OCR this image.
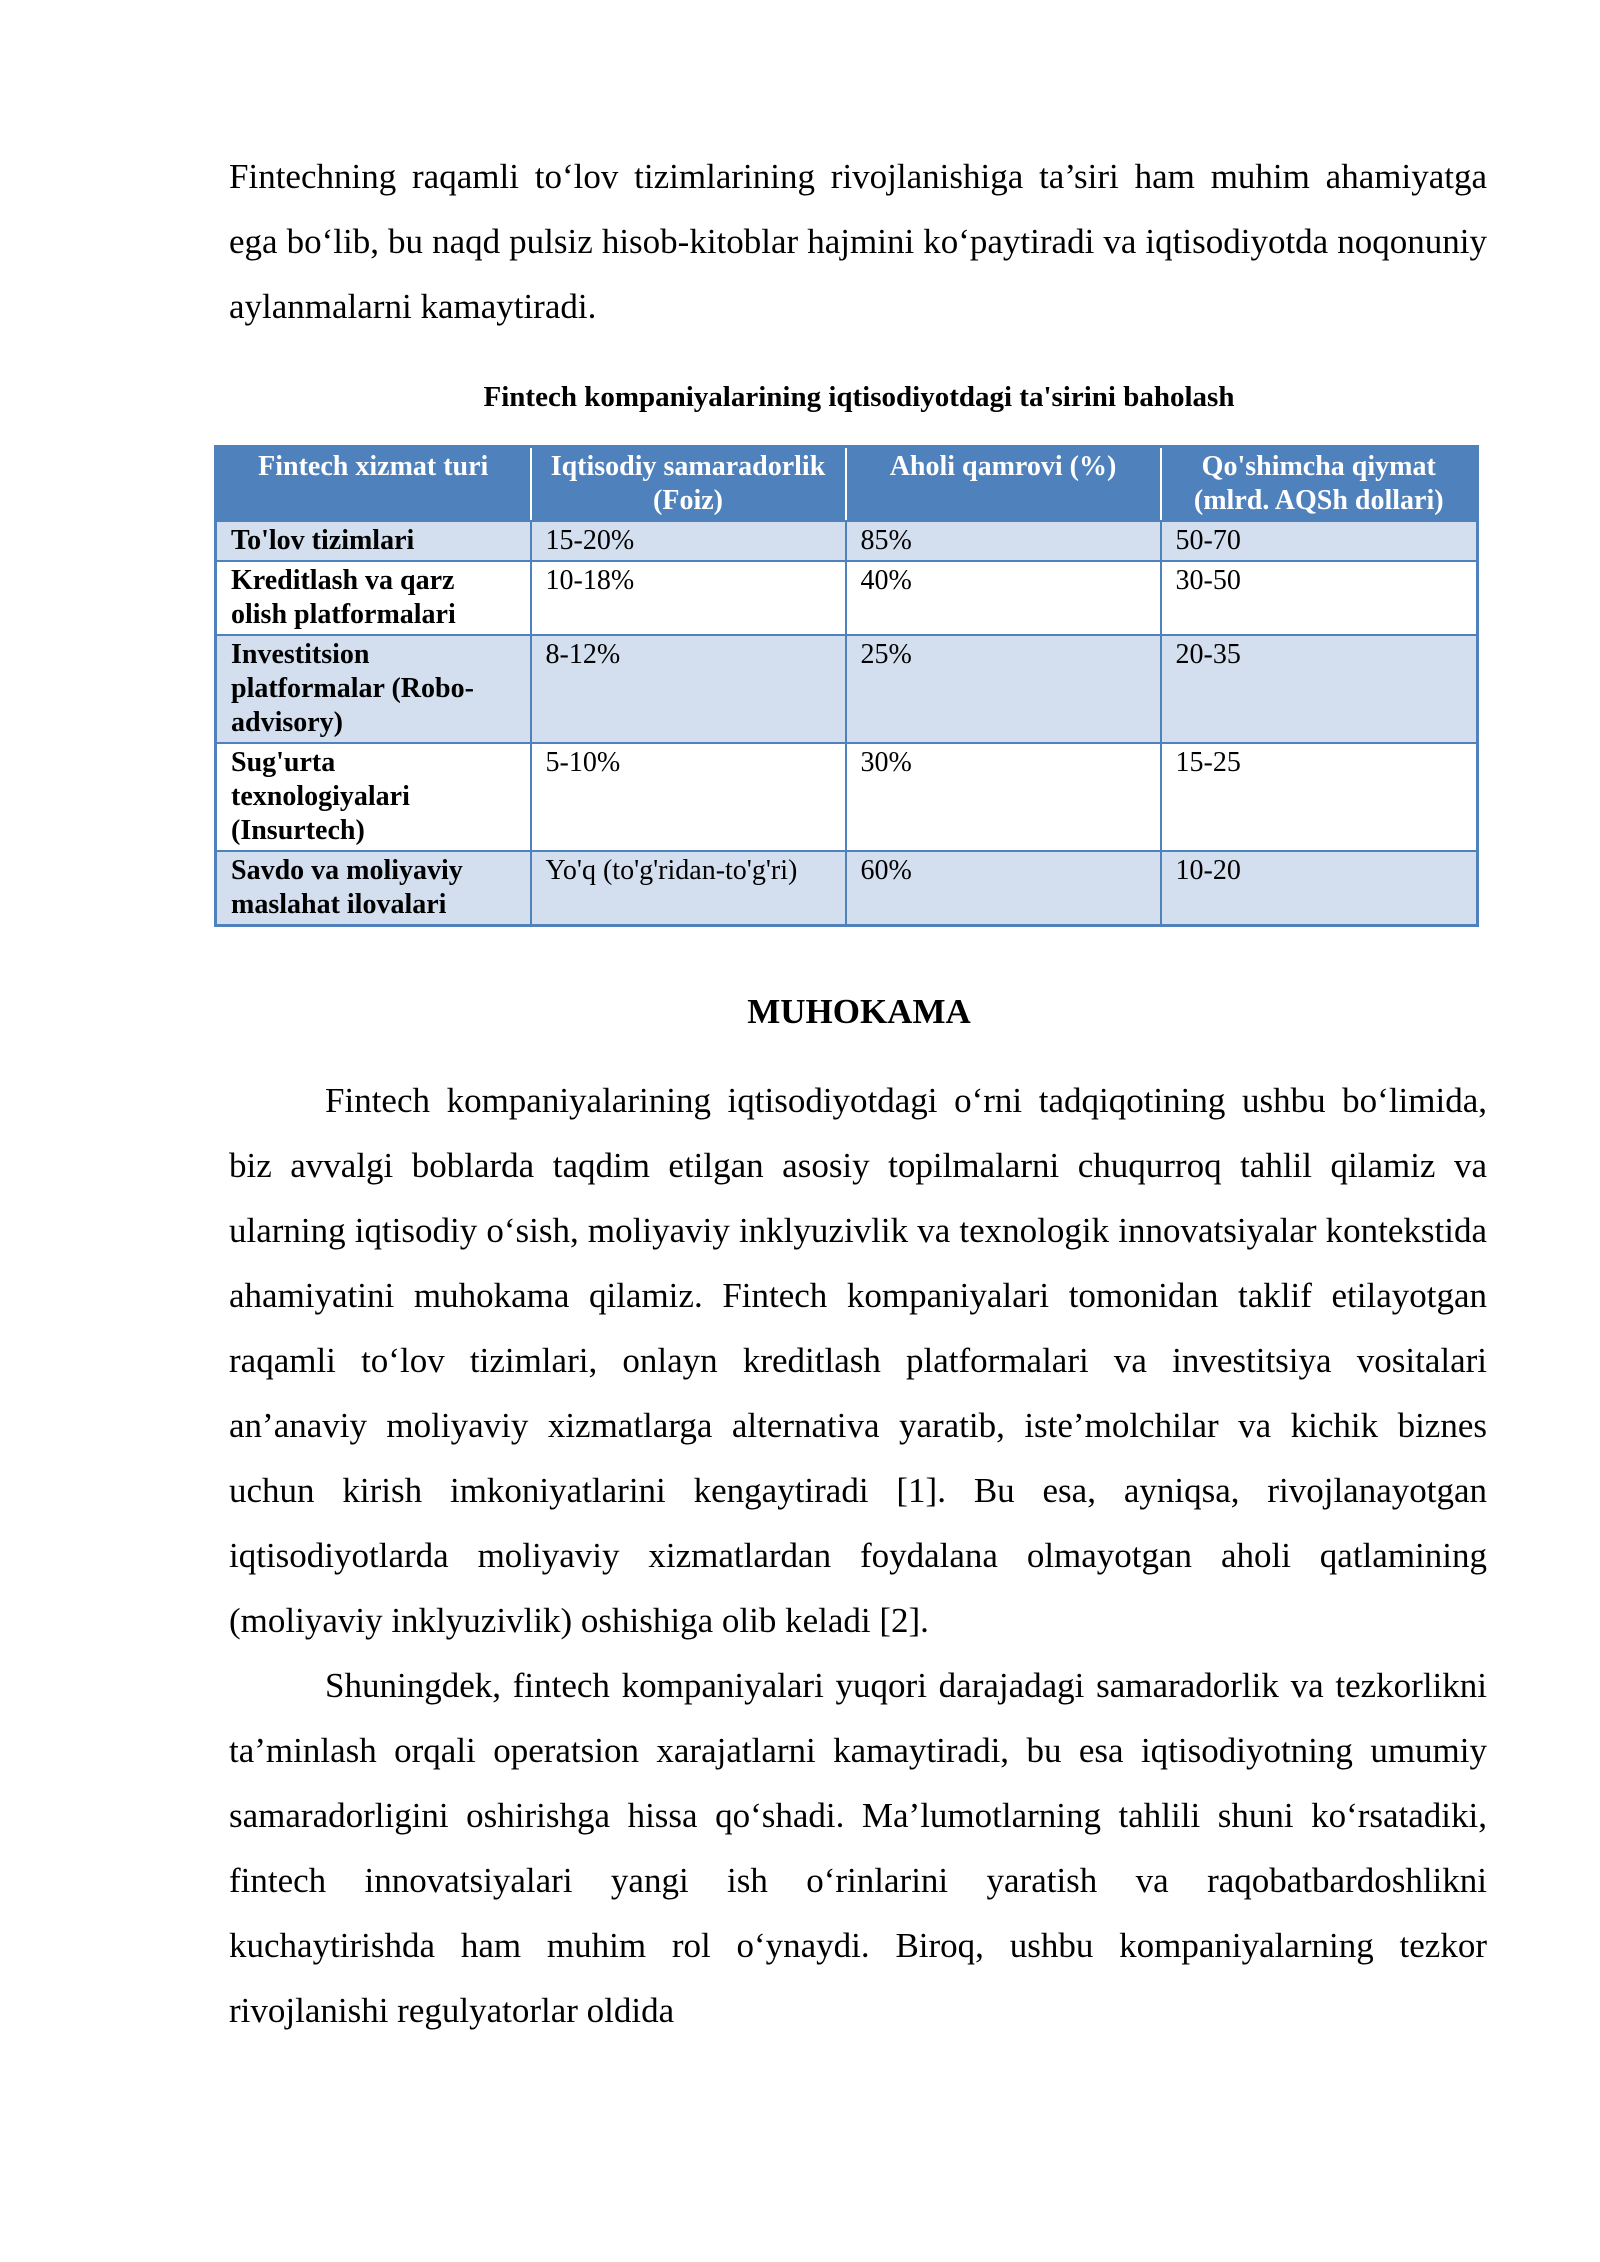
Fintechning raqamli to‘lov tizimlarining rivojlanishiga ta’siri ham muhim ahamiyatga ega bo‘lib, bu naqd pulsiz hisob-kitoblar hajmini ko‘paytiradi va iqtisodiyotda noqonuniy aylanmalarni kamaytiradi.

Fintech kompaniyalarining iqtisodiyotdagi ta'sirini baholash
Fintech xizmat turi	Iqtisodiy samaradorlik (Foiz)	Aholi qamrovi (%)	Qo'shimcha qiymat (mlrd. AQSh dollari)
To'lov tizimlari	15-20%	85%	50-70
Kreditlash va qarz olish platformalari	10-18%	40%	30-50
Investitsion platformalar (Robo-advisory)	8-12%	25%	20-35
Sug'urta texnologiyalari (Insurtech)	5-10%	30%	15-25
Savdo va moliyaviy maslahat ilovalari	Yo'q (to'g'ridan-to'g'ri)	60%	10-20
MUHOKAMA

Fintech kompaniyalarining iqtisodiyotdagi o‘rni tadqiqotining ushbu bo‘limida, biz avvalgi boblarda taqdim etilgan asosiy topilmalarni chuqurroq tahlil qilamiz va ularning iqtisodiy o‘sish, moliyaviy inklyuzivlik va texnologik innovatsiyalar kontekstida ahamiyatini muhokama qilamiz. Fintech kompaniyalari tomonidan taklif etilayotgan raqamli to‘lov tizimlari, onlayn kreditlash platformalari va investitsiya vositalari an’anaviy moliyaviy xizmatlarga alternativa yaratib, iste’molchilar va kichik biznes uchun kirish imkoniyatlarini kengaytiradi [1]. Bu esa, ayniqsa, rivojlanayotgan iqtisodiyotlarda moliyaviy xizmatlardan foydalana olmayotgan aholi qatlamining (moliyaviy inklyuzivlik) oshishiga olib keladi [2].

Shuningdek, fintech kompaniyalari yuqori darajadagi samaradorlik va tezkorlikni ta’minlash orqali operatsion xarajatlarni kamaytiradi, bu esa iqtisodiyotning umumiy samaradorligini oshirishga hissa qo‘shadi. Ma’lumotlarning tahlili shuni ko‘rsatadiki, fintech innovatsiyalari yangi ish o‘rinlarini yaratish va raqobatbardoshlikni kuchaytirishda ham muhim rol o‘ynaydi. Biroq, ushbu kompaniyalarning tezkor rivojlanishi regulyatorlar oldida
